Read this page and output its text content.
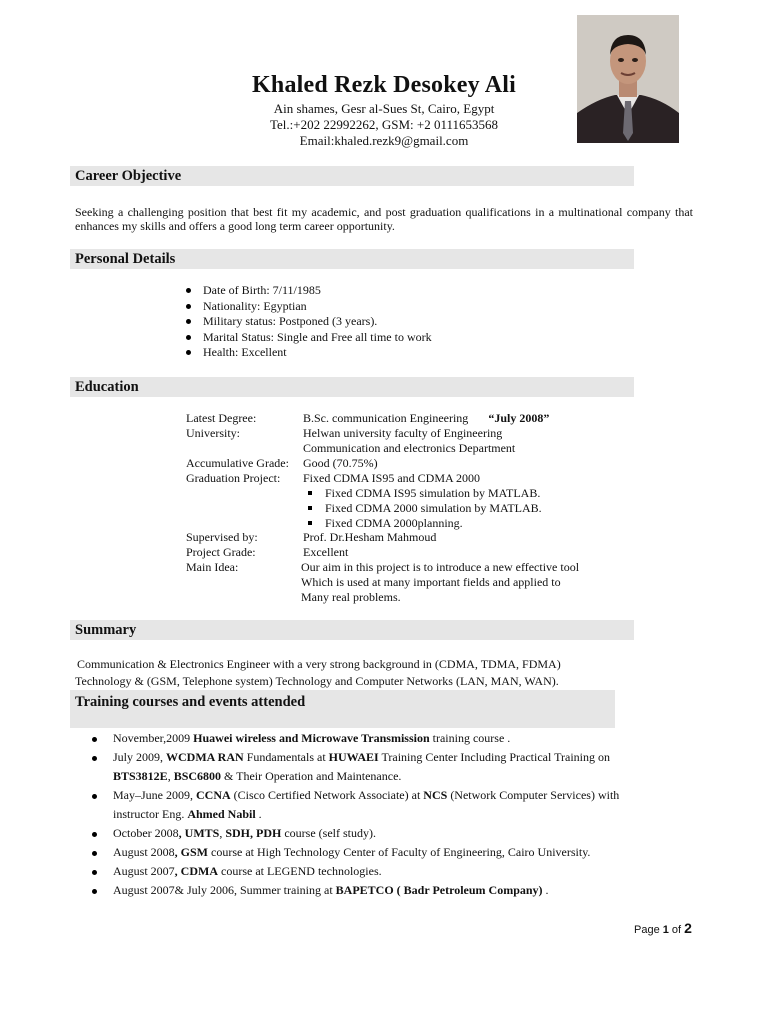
Khaled Rezk Desokey Ali
Ain shames, Gesr al-Sues St, Cairo, Egypt
Tel.:+202 22992262, GSM: +2 0111653568
Email:khaled.rezk9@gmail.com
Career Objective
Seeking a challenging position that best fit my academic, and post graduation qualifications in a multinational company that enhances my skills and offers a good long term career opportunity.
Personal Details
Date of Birth: 7/11/1985
Nationality: Egyptian
Military status: Postponed (3 years).
Marital Status: Single and Free all time to work
Health: Excellent
Education
Latest Degree:	B.Sc. communication Engineering “July 2008”
University:	Helwan university faculty of Engineering
Communication and electronics Department
Accumulative Grade:	Good (70.75%)
Graduation Project:	Fixed CDMA IS95 and CDMA 2000
Fixed CDMA IS95 simulation by MATLAB.
Fixed CDMA 2000 simulation by MATLAB.
Fixed CDMA 2000planning.
Supervised by:	Prof. Dr.Hesham Mahmoud
Project Grade:	Excellent
Main Idea:	Our aim in this project is to introduce a new effective tool
Which is used at many important fields and applied to
Many real problems.
Summary
Communication & Electronics Engineer with a very strong background in (CDMA, TDMA, FDMA)
Technology & (GSM, Telephone system) Technology and Computer Networks (LAN, MAN, WAN).
Training courses and events attended
November,2009 Huawei wireless and Microwave Transmission training course .
July 2009, WCDMA RAN Fundamentals at HUWAEI Training Center Including Practical Training on
BTS3812E, BSC6800 & Their Operation and Maintenance.
May–June 2009, CCNA (Cisco Certified Network Associate) at NCS (Network Computer Services) with
instructor Eng. Ahmed Nabil .
October 2008, UMTS, SDH, PDH course (self study).
August 2008, GSM course at High Technology Center of Faculty of Engineering, Cairo University.
August 2007, CDMA course at LEGEND technologies.
August 2007& July 2006, Summer training at BAPETCO ( Badr Petroleum Company) .
Page 1 of 2
